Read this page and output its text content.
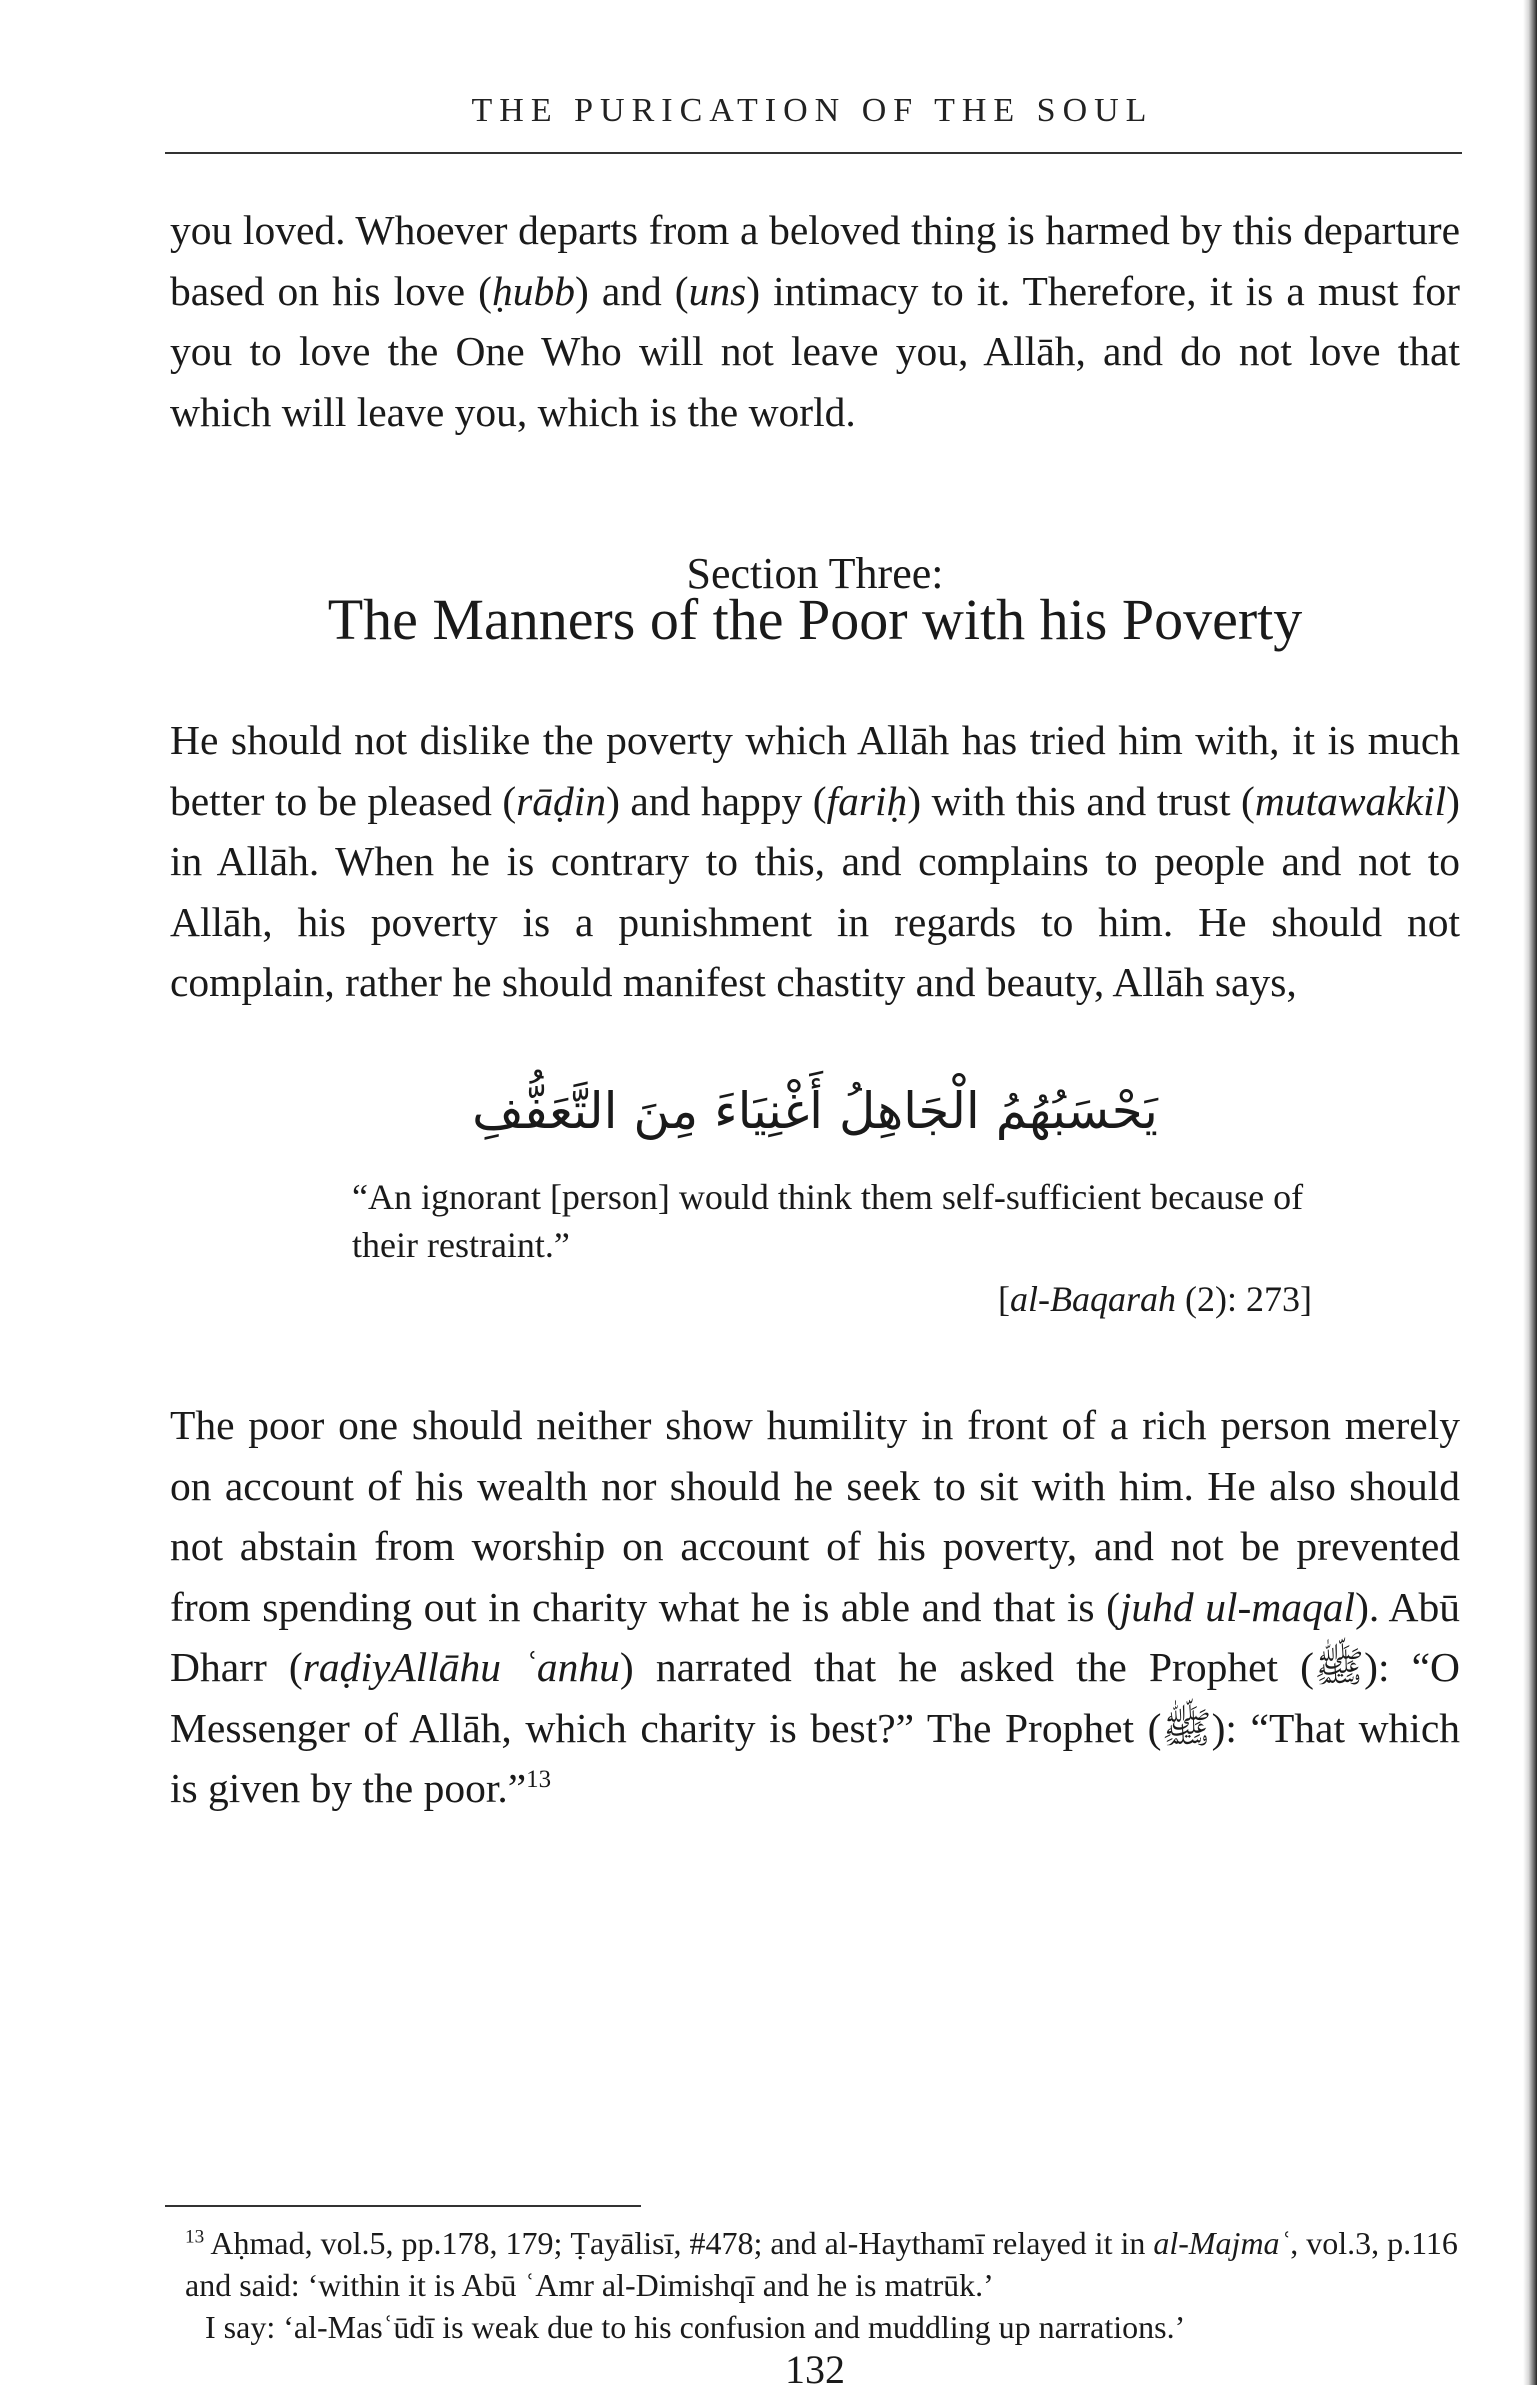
THE PURICATION OF THE SOUL

you loved. Whoever departs from a beloved thing is harmed by this departure based on his love (ḥubb) and (uns) intimacy to it. Therefore, it is a must for you to love the One Who will not leave you, Allāh, and do not love that which will leave you, which is the world.

Section Three:

The Manners of the Poor with his Poverty

He should not dislike the poverty which Allāh has tried him with, it is much better to be pleased (rāḍin) and happy (fariḥ) with this and trust (mutawakkil) in Allāh. When he is contrary to this, and complains to people and not to Allāh, his poverty is a punishment in regards to him. He should not complain, rather he should manifest chastity and beauty, Allāh says,

يَحْسَبُهُمُ الْجَاهِلُ أَغْنِيَاءَ مِنَ التَّعَفُّفِ

“An ignorant [person] would think them self-sufficient because of their restraint.”

[al-Baqarah (2): 273]

The poor one should neither show humility in front of a rich person merely on account of his wealth nor should he seek to sit with him. He also should not abstain from worship on account of his poverty, and not be prevented from spending out in charity what he is able and that is (juhd ul-maqal). Abū Dharr (raḍiyAllāhu ʿanhu) narrated that he asked the Prophet (ﷺ): “O Messenger of Allāh, which charity is best?” The Prophet (ﷺ): “That which is given by the poor.”$^{13}$

$^{13}$ Aḥmad, vol.5, pp.178, 179; Ṭayālisī, #478; and al-Haythamī relayed it in al-Majmaʿ, vol.3, p.116 and said: ‘within it is Abū ʿAmr al-Dimishqī and he is matrūk.’

I say: ‘al-Masʿūdī is weak due to his confusion and muddling up narrations.’

132
